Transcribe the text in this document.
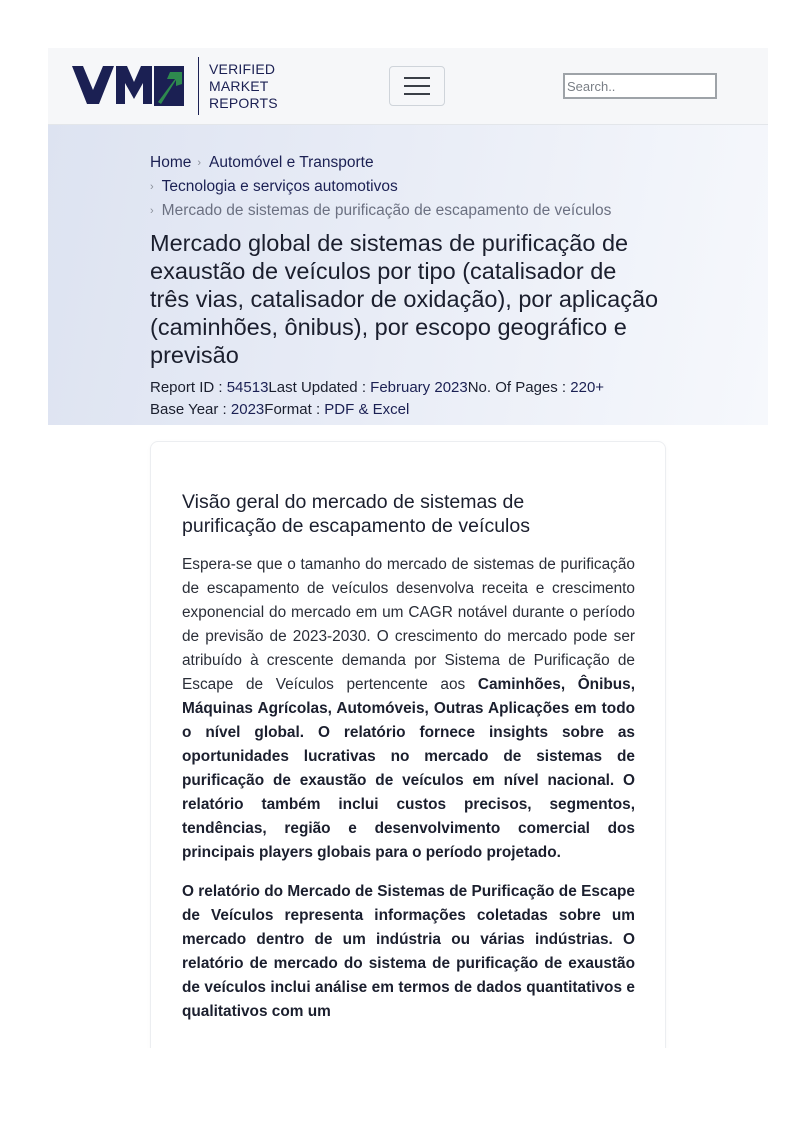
VERIFIED
MARKET
REPORTS
Search..
Home › Automóvel e Transporte
› Tecnologia e serviços automotivos
› Mercado de sistemas de purificação de escapamento de veículos
Mercado global de sistemas de purificação de exaustão de veículos por tipo (catalisador de três vias, catalisador de oxidação), por aplicação (caminhões, ônibus), por escopo geográfico e previsão
Report ID : 54513Last Updated : February 2023No. Of Pages : 220+
Base Year : 2023Format : PDF & Excel
Visão geral do mercado de sistemas de purificação de escapamento de veículos

Espera-se que o tamanho do mercado de sistemas de purificação de escapamento de veículos desenvolva receita e crescimento exponencial do mercado em um CAGR notável durante o período de previsão de 2023-2030. O crescimento do mercado pode ser atribuído à crescente demanda por Sistema de Purificação de Escape de Veículos pertencente aos Caminhões, Ônibus, Máquinas Agrícolas, Automóveis, Outras Aplicações em todo o nível global. O relatório fornece insights sobre as oportunidades lucrativas no mercado de sistemas de purificação de exaustão de veículos em nível nacional. O relatório também inclui custos precisos, segmentos, tendências, região e desenvolvimento comercial dos principais players globais para o período projetado.

O relatório do Mercado de Sistemas de Purificação de Escape de Veículos representa informações coletadas sobre um mercado dentro de um indústria ou várias indústrias. O relatório de mercado do sistema de purificação de exaustão de veículos inclui análise em termos de dados quantitativos e qualitativos com um
